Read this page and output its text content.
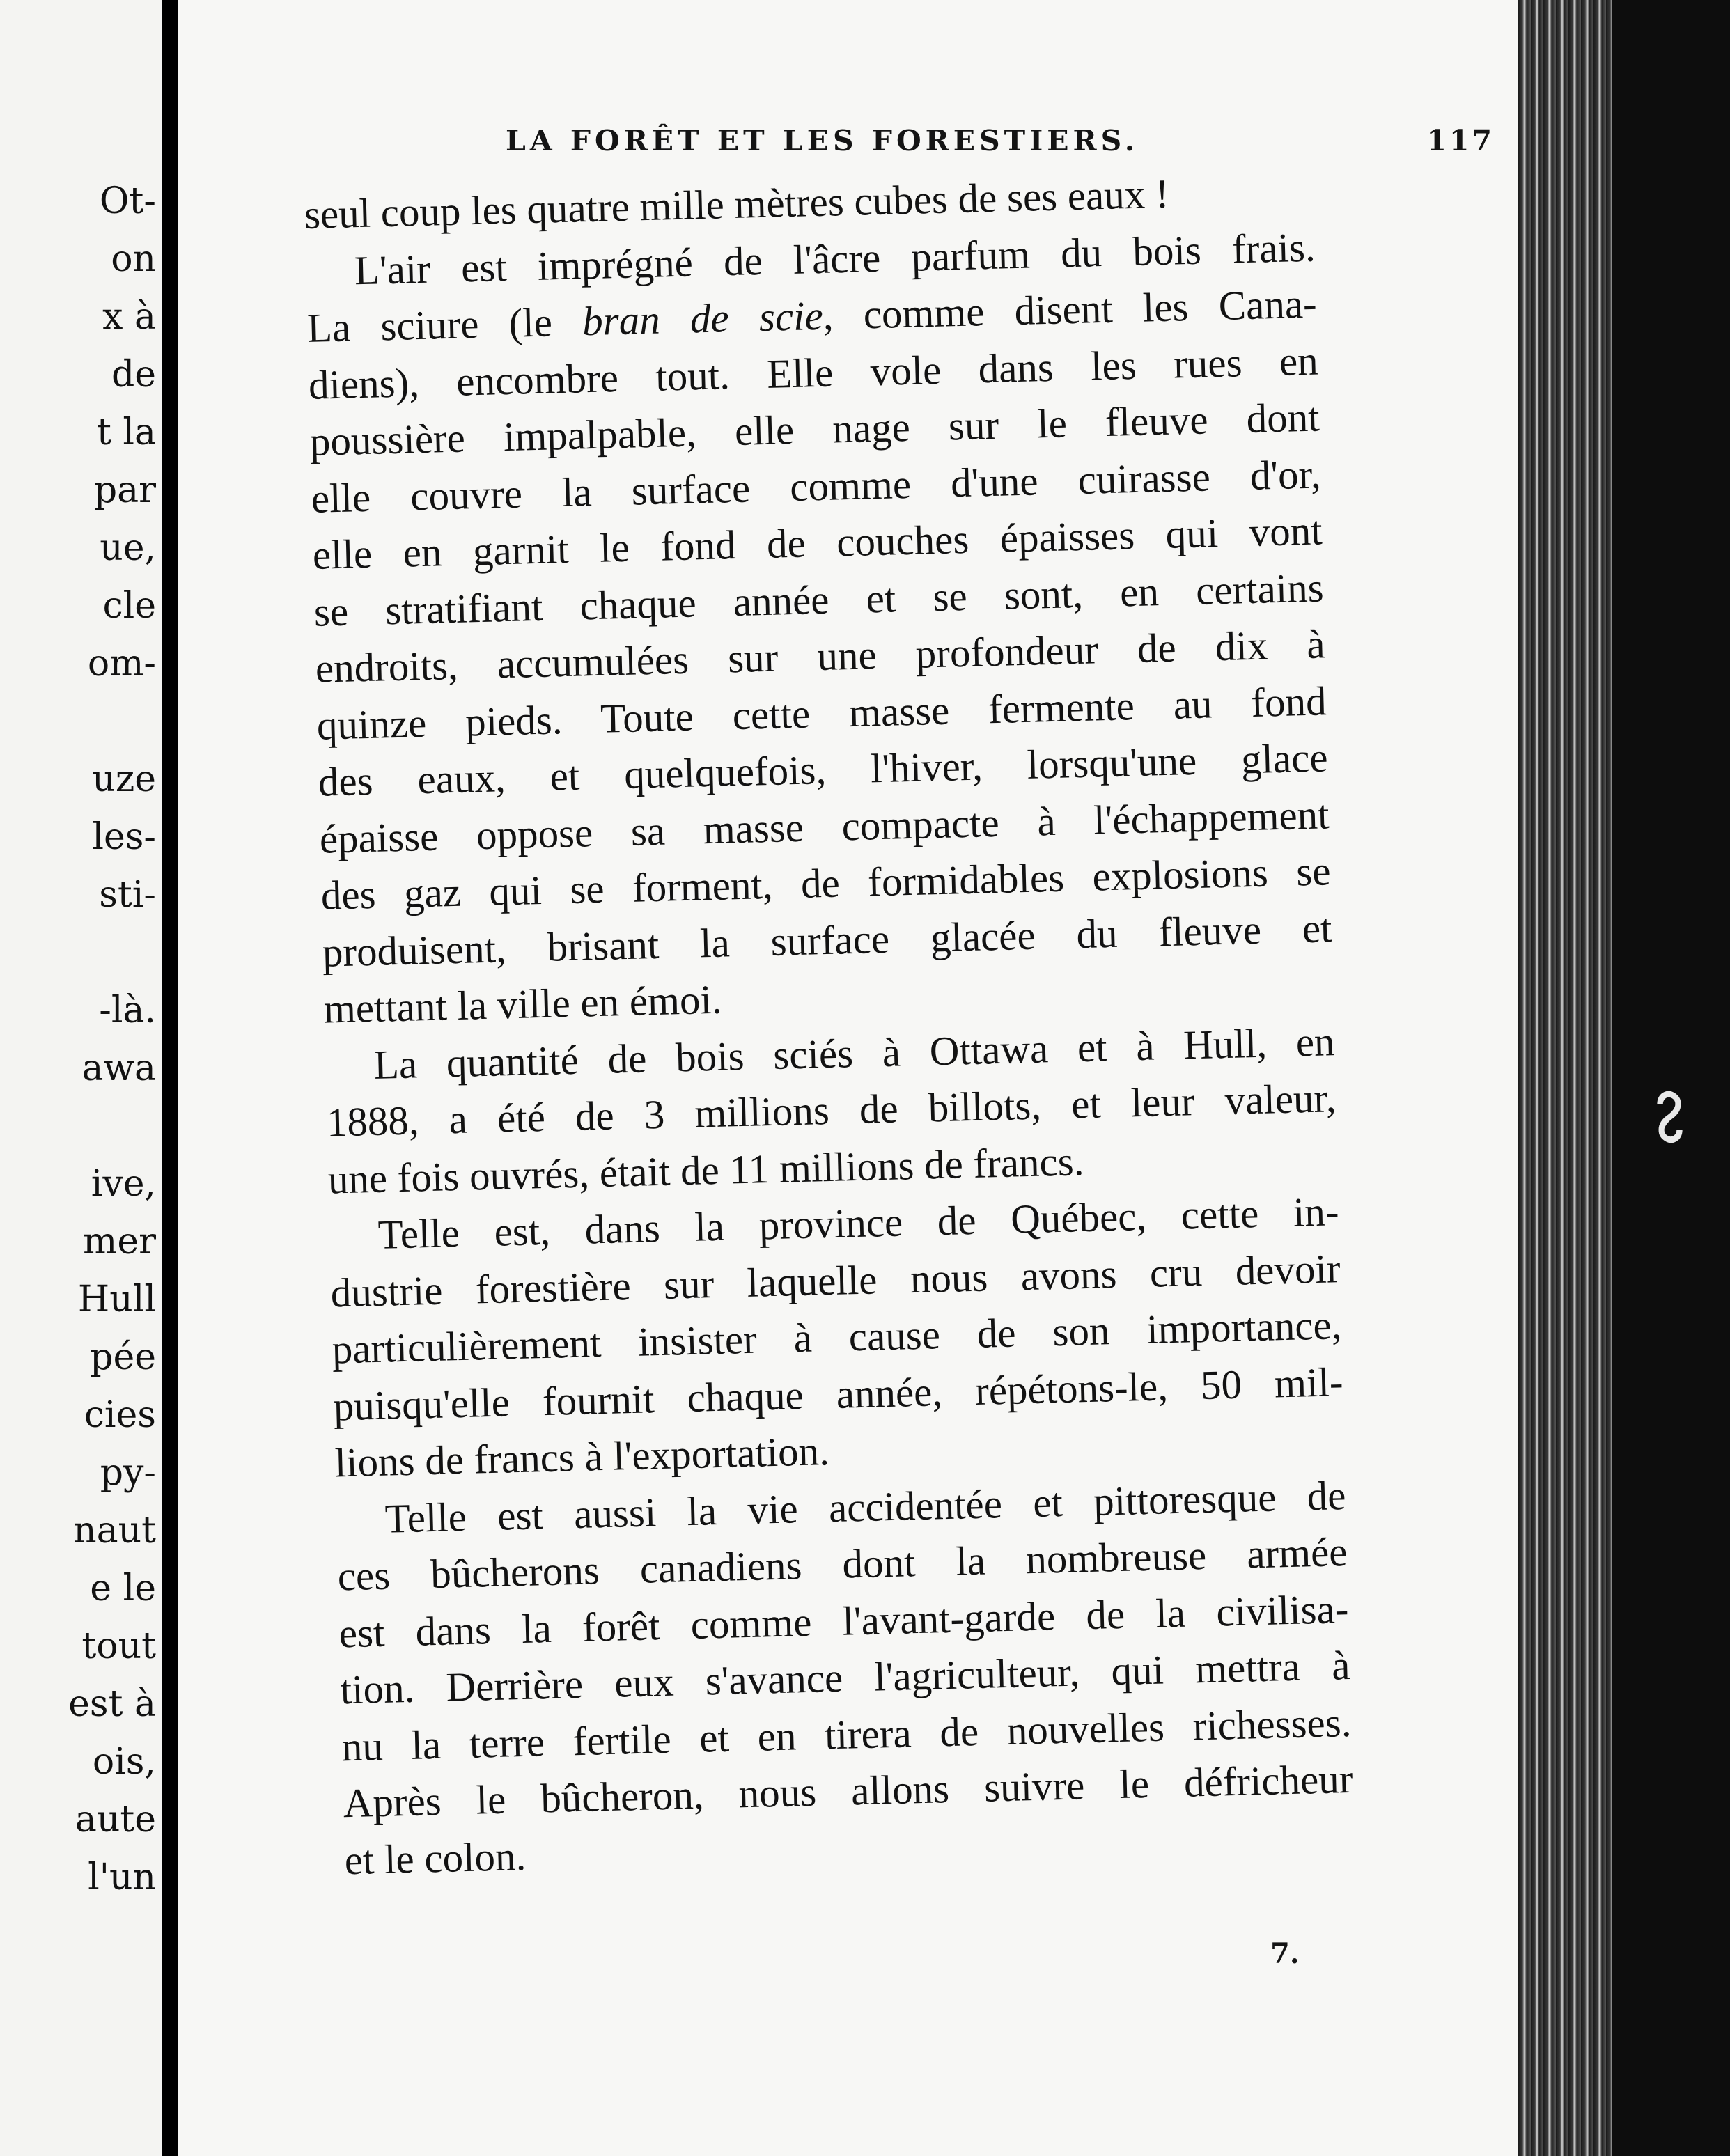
Ot-
on
x à
de
t la
par
ue,
cle
om-
uze
les-
sti-
-là.
awa
ive,
mer
Hull
pée
cies
py-
naut
e le
tout
est à
ois,
aute
l'un
LA FORÊT ET LES FORESTIERS.	117

seul coup les quatre mille mètres cubes de ses eaux !

L'air est imprégné de l'âcre parfum du bois frais.
La sciure (le bran de scie, comme disent les Cana-
diens), encombre tout. Elle vole dans les rues en
poussière impalpable, elle nage sur le fleuve dont
elle couvre la surface comme d'une cuirasse d'or,
elle en garnit le fond de couches épaisses qui vont
se stratifiant chaque année et se sont, en certains
endroits, accumulées sur une profondeur de dix à
quinze pieds. Toute cette masse fermente au fond
des eaux, et quelquefois, l'hiver, lorsqu'une glace
épaisse oppose sa masse compacte à l'échappement
des gaz qui se forment, de formidables explosions se
produisent, brisant la surface glacée du fleuve et
mettant la ville en émoi.

La quantité de bois sciés à Ottawa et à Hull, en
1888, a été de 3 millions de billots, et leur valeur,
une fois ouvrés, était de 11 millions de francs.

Telle est, dans la province de Québec, cette in-
dustrie forestière sur laquelle nous avons cru devoir
particulièrement insister à cause de son importance,
puisqu'elle fournit chaque année, répétons-le, 50 mil-
lions de francs à l'exportation.

Telle est aussi la vie accidentée et pittoresque de
ces bûcherons canadiens dont la nombreuse armée
est dans la forêt comme l'avant-garde de la civilisa-
tion. Derrière eux s'avance l'agriculteur, qui mettra à
nu la terre fertile et en tirera de nouvelles richesses.
Après le bûcheron, nous allons suivre le défricheur
et le colon.

7.
∾
